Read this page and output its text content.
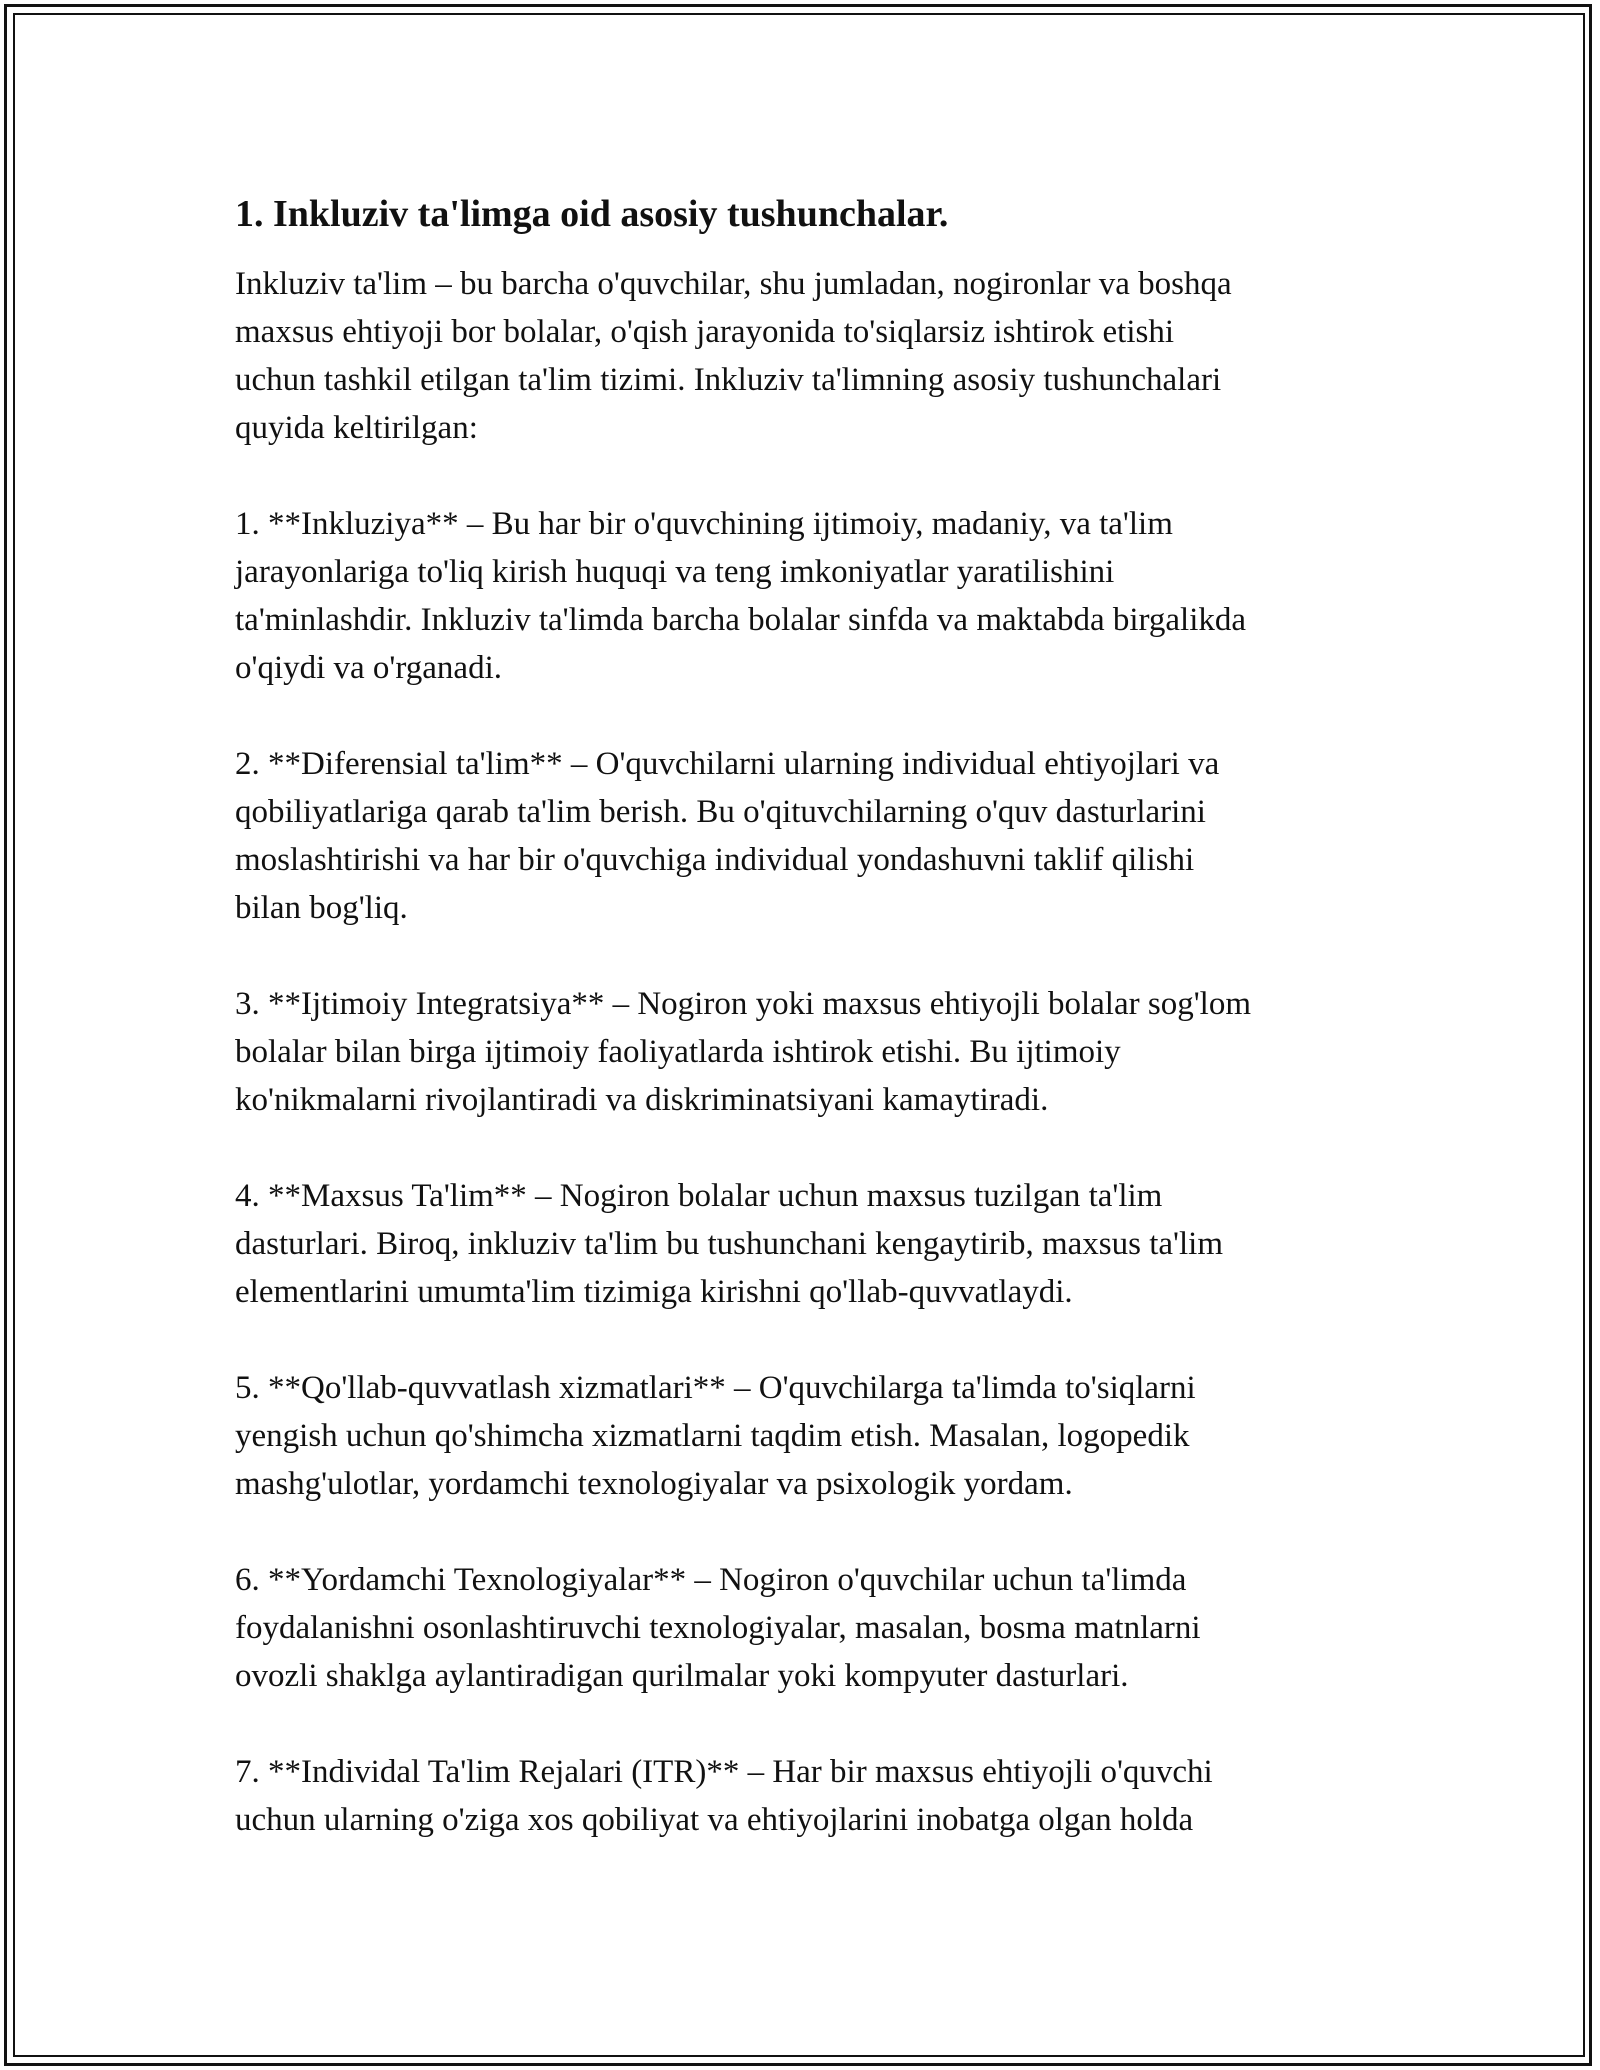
1. Inkluziv ta'limga oid asosiy tushunchalar.

Inkluziv ta'lim – bu barcha o'quvchilar, shu jumladan, nogironlar va boshqa
maxsus ehtiyoji bor bolalar, o'qish jarayonida to'siqlarsiz ishtirok etishi
uchun tashkil etilgan ta'lim tizimi. Inkluziv ta'limning asosiy tushunchalari
quyida keltirilgan:

1. **Inkluziya** – Bu har bir o'quvchining ijtimoiy, madaniy, va ta'lim
jarayonlariga to'liq kirish huquqi va teng imkoniyatlar yaratilishini
ta'minlashdir. Inkluziv ta'limda barcha bolalar sinfda va maktabda birgalikda
o'qiydi va o'rganadi.

2. **Diferensial ta'lim** – O'quvchilarni ularning individual ehtiyojlari va
qobiliyatlariga qarab ta'lim berish. Bu o'qituvchilarning o'quv dasturlarini
moslashtirishi va har bir o'quvchiga individual yondashuvni taklif qilishi
bilan bog'liq.

3. **Ijtimoiy Integratsiya** – Nogiron yoki maxsus ehtiyojli bolalar sog'lom
bolalar bilan birga ijtimoiy faoliyatlarda ishtirok etishi. Bu ijtimoiy
ko'nikmalarni rivojlantiradi va diskriminatsiyani kamaytiradi.

4. **Maxsus Ta'lim** – Nogiron bolalar uchun maxsus tuzilgan ta'lim
dasturlari. Biroq, inkluziv ta'lim bu tushunchani kengaytirib, maxsus ta'lim
elementlarini umumta'lim tizimiga kirishni qo'llab-quvvatlaydi.

5. **Qo'llab-quvvatlash xizmatlari** – O'quvchilarga ta'limda to'siqlarni
yengish uchun qo'shimcha xizmatlarni taqdim etish. Masalan, logopedik
mashg'ulotlar, yordamchi texnologiyalar va psixologik yordam.

6. **Yordamchi Texnologiyalar** – Nogiron o'quvchilar uchun ta'limda
foydalanishni osonlashtiruvchi texnologiyalar, masalan, bosma matnlarni
ovozli shaklga aylantiradigan qurilmalar yoki kompyuter dasturlari.

7. **Individal Ta'lim Rejalari (ITR)** – Har bir maxsus ehtiyojli o'quvchi
uchun ularning o'ziga xos qobiliyat va ehtiyojlarini inobatga olgan holda
